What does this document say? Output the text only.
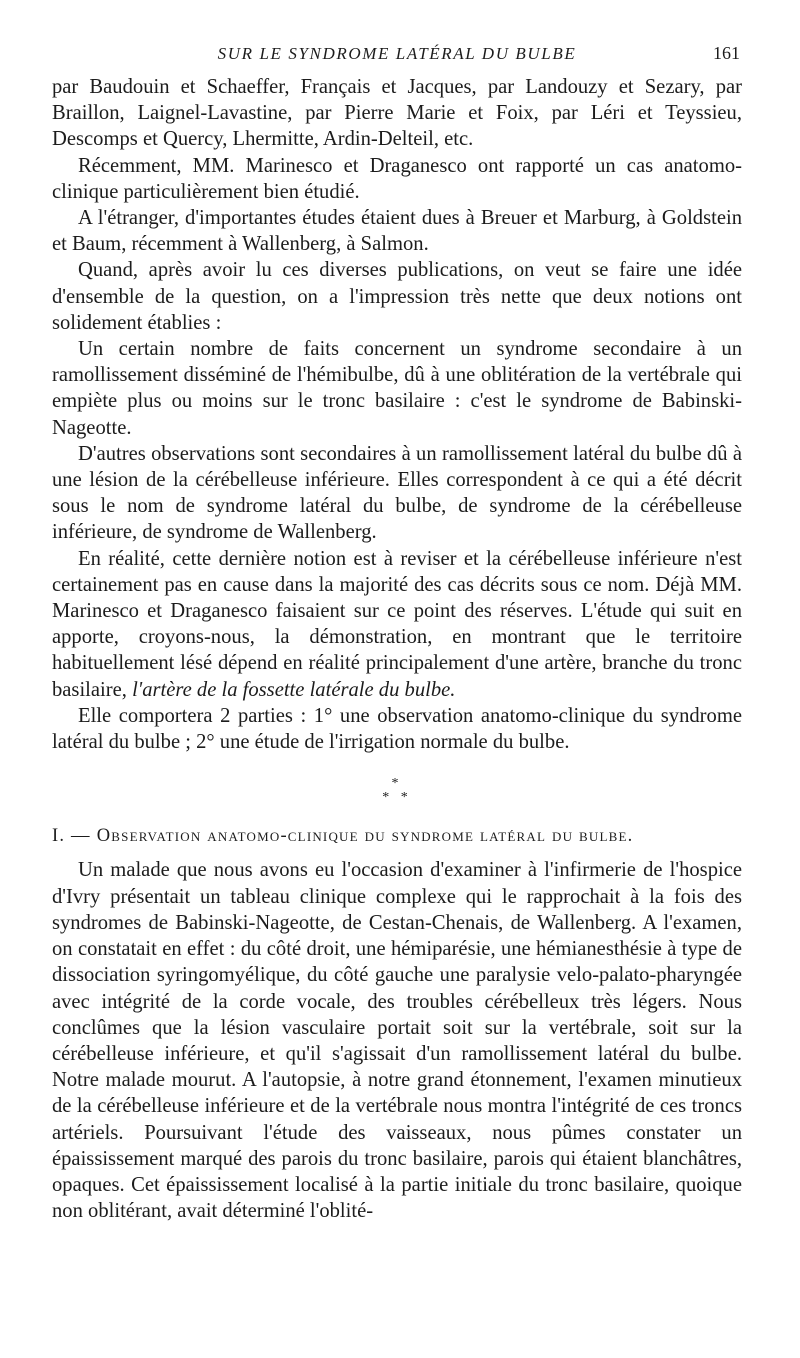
SUR LE SYNDROME LATÉRAL DU BULBE	161

par Baudouin et Schaeffer, Français et Jacques, par Landouzy et Sezary, par Braillon, Laignel-Lavastine, par Pierre Marie et Foix, par Léri et Teyssieu, Descomps et Quercy, Lhermitte, Ardin-Delteil, etc.

Récemment, MM. Marinesco et Draganesco ont rapporté un cas anatomo-clinique particulièrement bien étudié.

A l'étranger, d'importantes études étaient dues à Breuer et Marburg, à Goldstein et Baum, récemment à Wallenberg, à Salmon.

Quand, après avoir lu ces diverses publications, on veut se faire une idée d'ensemble de la question, on a l'impression très nette que deux notions ont solidement établies :

Un certain nombre de faits concernent un syndrome secondaire à un ramollissement disséminé de l'hémibulbe, dû à une oblitération de la vertébrale qui empiète plus ou moins sur le tronc basilaire : c'est le syndrome de Babinski-Nageotte.

D'autres observations sont secondaires à un ramollissement latéral du bulbe dû à une lésion de la cérébelleuse inférieure. Elles correspondent à ce qui a été décrit sous le nom de syndrome latéral du bulbe, de syndrome de la cérébelleuse inférieure, de syndrome de Wallenberg.

En réalité, cette dernière notion est à reviser et la cérébelleuse inférieure n'est certainement pas en cause dans la majorité des cas décrits sous ce nom. Déjà MM. Marinesco et Draganesco faisaient sur ce point des réserves. L'étude qui suit en apporte, croyons-nous, la démonstration, en montrant que le territoire habituellement lésé dépend en réalité principalement d'une artère, branche du tronc basilaire, l'artère de la fossette latérale du bulbe.

Elle comportera 2 parties : 1° une observation anatomo-clinique du syndrome latéral du bulbe ; 2° une étude de l'irrigation normale du bulbe.

*
* *
I. — Observation anatomo-clinique du syndrome latéral du bulbe.

Un malade que nous avons eu l'occasion d'examiner à l'infirmerie de l'hospice d'Ivry présentait un tableau clinique complexe qui le rapprochait à la fois des syndromes de Babinski-Nageotte, de Cestan-Chenais, de Wallenberg. A l'examen, on constatait en effet : du côté droit, une hémiparésie, une hémianesthésie à type de dissociation syringomyélique, du côté gauche une paralysie velo-palato-pharyngée avec intégrité de la corde vocale, des troubles cérébelleux très légers. Nous conclûmes que la lésion vasculaire portait soit sur la vertébrale, soit sur la cérébelleuse inférieure, et qu'il s'agissait d'un ramollissement latéral du bulbe. Notre malade mourut. A l'autopsie, à notre grand étonnement, l'examen minutieux de la cérébelleuse inférieure et de la vertébrale nous montra l'intégrité de ces troncs artériels. Poursuivant l'étude des vaisseaux, nous pûmes constater un épaississement marqué des parois du tronc basilaire, parois qui étaient blanchâtres, opaques. Cet épaississement localisé à la partie initiale du tronc basilaire, quoique non oblitérant, avait déterminé l'oblité-
